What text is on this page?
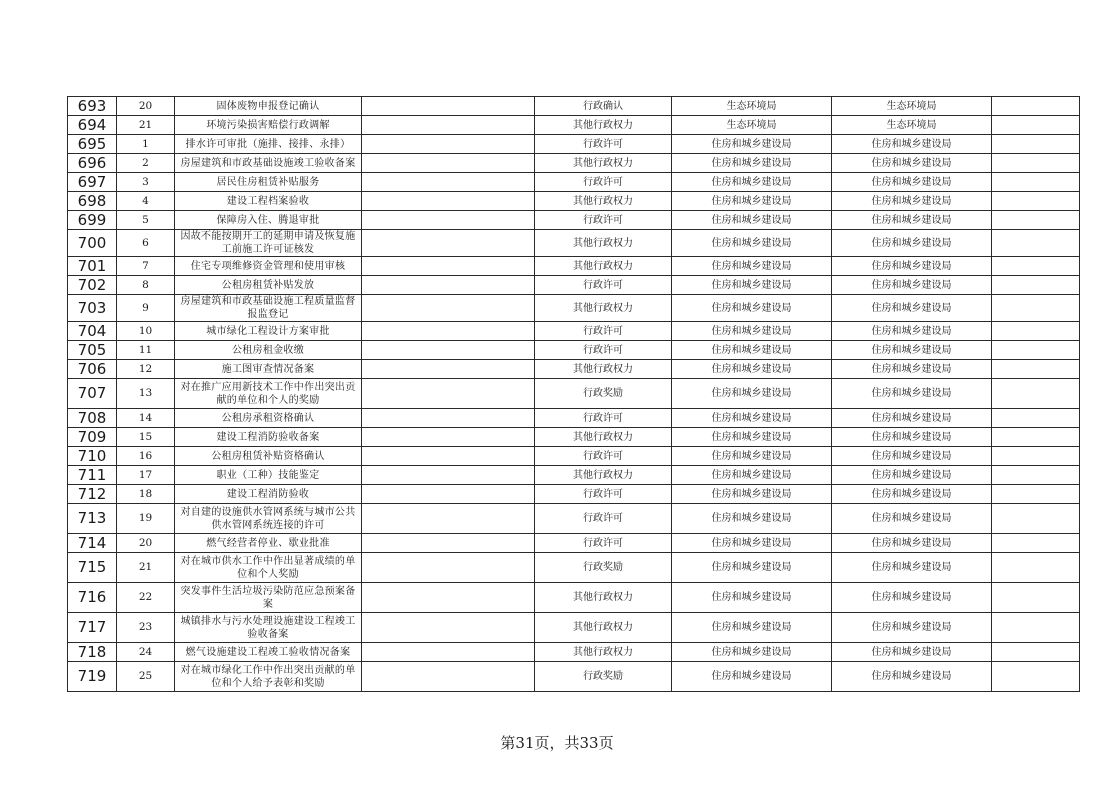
693	20	固体废物申报登记确认		行政确认	生态环境局	生态环境局	
694	21	环境污染损害赔偿行政调解		其他行政权力	生态环境局	生态环境局	
695	1	排水许可审批（施排、接排、永排）		行政许可	住房和城乡建设局	住房和城乡建设局	
696	2	房屋建筑和市政基础设施竣工验收备案		其他行政权力	住房和城乡建设局	住房和城乡建设局	
697	3	居民住房租赁补贴服务		行政许可	住房和城乡建设局	住房和城乡建设局	
698	4	建设工程档案验收		其他行政权力	住房和城乡建设局	住房和城乡建设局	
699	5	保障房入住、腾退审批		行政许可	住房和城乡建设局	住房和城乡建设局	
700	6	因故不能按期开工的延期申请及恢复施工前施工许可证核发		其他行政权力	住房和城乡建设局	住房和城乡建设局	
701	7	住宅专项维修资金管理和使用审核		其他行政权力	住房和城乡建设局	住房和城乡建设局	
702	8	公租房租赁补贴发放		行政许可	住房和城乡建设局	住房和城乡建设局	
703	9	房屋建筑和市政基础设施工程质量监督报监登记		其他行政权力	住房和城乡建设局	住房和城乡建设局	
704	10	城市绿化工程设计方案审批		行政许可	住房和城乡建设局	住房和城乡建设局	
705	11	公租房租金收缴		行政许可	住房和城乡建设局	住房和城乡建设局	
706	12	施工图审查情况备案		其他行政权力	住房和城乡建设局	住房和城乡建设局	
707	13	对在推广应用新技术工作中作出突出贡献的单位和个人的奖励		行政奖励	住房和城乡建设局	住房和城乡建设局	
708	14	公租房承租资格确认		行政许可	住房和城乡建设局	住房和城乡建设局	
709	15	建设工程消防验收备案		其他行政权力	住房和城乡建设局	住房和城乡建设局	
710	16	公租房租赁补贴资格确认		行政许可	住房和城乡建设局	住房和城乡建设局	
711	17	职业（工种）技能鉴定		其他行政权力	住房和城乡建设局	住房和城乡建设局	
712	18	建设工程消防验收		行政许可	住房和城乡建设局	住房和城乡建设局	
713	19	对自建的设施供水管网系统与城市公共供水管网系统连接的许可		行政许可	住房和城乡建设局	住房和城乡建设局	
714	20	燃气经营者停业、歇业批准		行政许可	住房和城乡建设局	住房和城乡建设局	
715	21	对在城市供水工作中作出显著成绩的单位和个人奖励		行政奖励	住房和城乡建设局	住房和城乡建设局	
716	22	突发事件生活垃圾污染防范应急预案备案		其他行政权力	住房和城乡建设局	住房和城乡建设局	
717	23	城镇排水与污水处理设施建设工程竣工验收备案		其他行政权力	住房和城乡建设局	住房和城乡建设局	
718	24	燃气设施建设工程竣工验收情况备案		其他行政权力	住房和城乡建设局	住房和城乡建设局	
719	25	对在城市绿化工作中作出突出贡献的单位和个人给予表彰和奖励		行政奖励	住房和城乡建设局	住房和城乡建设局	
第31页，共33页
